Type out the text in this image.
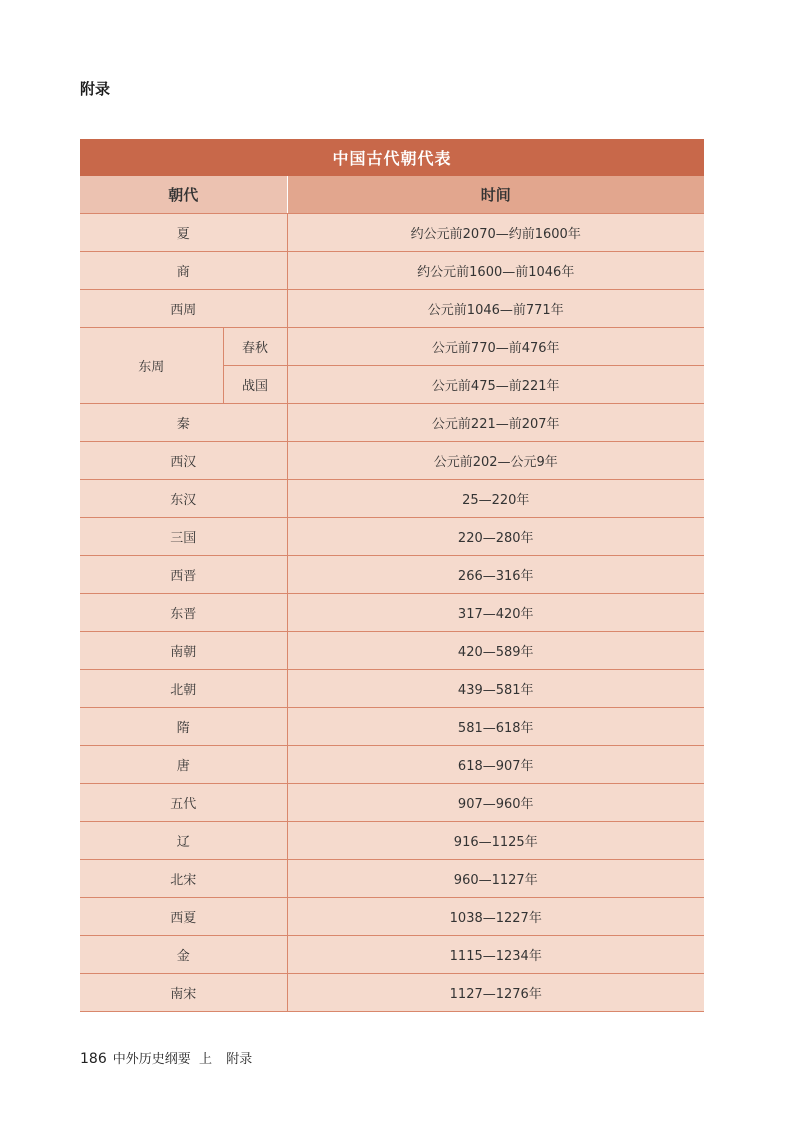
附录
中国古代朝代表		
朝代		时间
夏		约公元前2070—约前1600年
商		约公元前1600—前1046年
西周		公元前1046—前771年
东周	春秋	公元前770—前476年
	战国	公元前475—前221年
秦		公元前221—前207年
西汉		公元前202—公元9年
东汉		25—220年
三国		220—280年
西晋		266—316年
东晋		317—420年
南朝		420—589年
北朝		439—581年
隋		581—618年
唐		618—907年
五代		907—960年
辽		916—1125年
北宋		960—1127年
西夏		1038—1227年
金		1115—1234年
南宋		1127—1276年
186 中外历史纲要 上 附录
